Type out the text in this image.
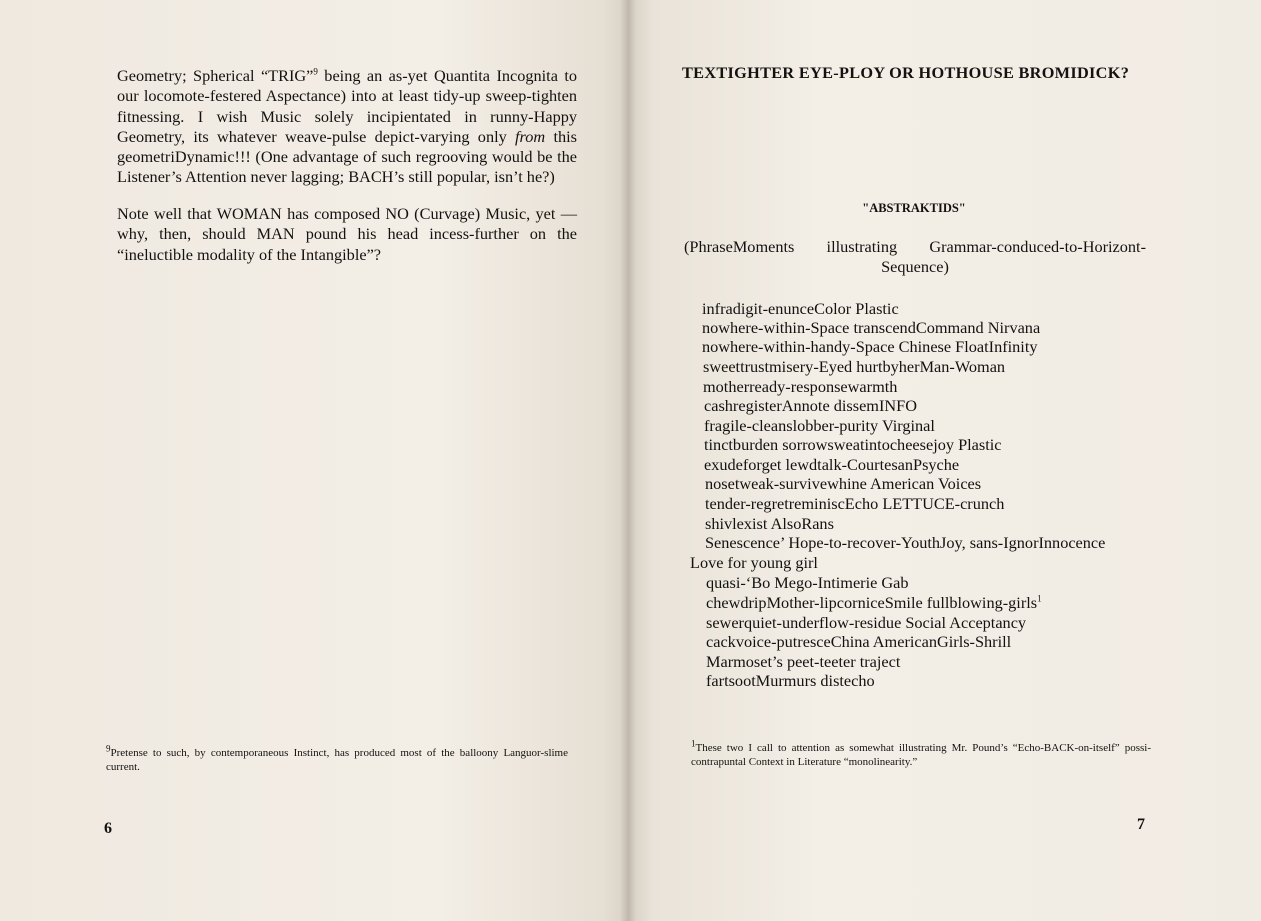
Geometry; Spherical “TRIG”$^9$ being an as-yet Quantita Incognita to our locomote-festered Aspectance) into at least tidy-up sweep-tighten fitnessing. I wish Music solely incipientated in runny-Happy Geometry, its whatever weave-pulse depict-varying only from this geometriDynamic!!! (One advantage of such regrooving would be the Listener’s Attention never lagging; BACH’s still popular, isn’t he?)

Note well that WOMAN has composed NO (Curvage) Music, yet — why, then, should MAN pound his head incess-further on the “ineluctible modality of the Intangible”?

$^9$Pretense to such, by contemporaneous Instinct, has produced most of the balloony Languor-slime current.

6

TEXTIGHTER EYE-PLOY OR HOTHOUSE BROMIDICK?
"ABSTRAKTIDS"

(PhraseMoments illustrating Grammar-conduced-to-Horizont-Sequence)

infradigit-enunceColor Plastic
nowhere-within-Space transcendCommand Nirvana
nowhere-within-handy-Space Chinese FloatInfinity
sweettrustmisery-Eyed hurtbyherMan-Woman
motherready-responsewarmth
cashregisterAnnote dissemINFO
fragile-cleanslobber-purity Virginal
tinctburden sorrowsweatintocheesejoy Plastic
exudeforget lewdtalk-CourtesanPsyche
nosetweak-survivewhine American Voices
tender-regretreminiscEcho LETTUCE-crunch
shivlexist AlsoRans
Senescence’ Hope-to-recover-YouthJoy, sans-IgnorInnocence
Love for young girl
quasi-‘Bo Mego-Intimerie Gab
chewdripMother-lipcorniceSmile fullblowing-girls$^1$
sewerquiet-underflow-residue Social Acceptancy
cackvoice-putresceChina AmericanGirls-Shrill
Marmoset’s peet-teeter traject
fartsootMurmurs distecho

$^1$These two I call to attention as somewhat illustrating Mr. Pound’s “Echo-BACK-on-itself” possi-contrapuntal Context in Literature “monolinearity.”

7
